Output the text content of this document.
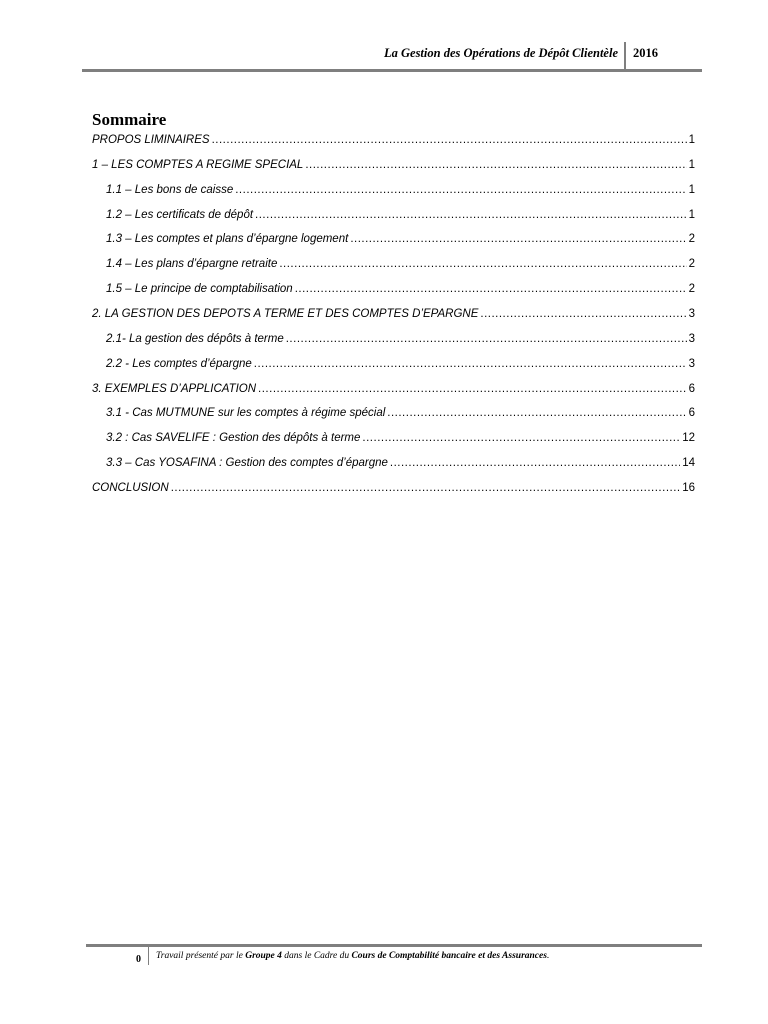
La Gestion des Opérations de Dépôt Clientèle 2016
Sommaire
PROPOS LIMINAIRES .....	1
1 – LES COMPTES A REGIME SPECIAL .....	1
1.1 – Les bons de caisse .....	1
1.2 – Les certificats de dépôt .....	1
1.3 – Les comptes et plans d’épargne logement .....	2
1.4 – Les plans d’épargne retraite .....	2
1.5 – Le principe de comptabilisation .....	2
2. LA GESTION DES DEPOTS A TERME ET DES COMPTES D’EPARGNE .....	3
2.1- La gestion des dépôts à terme .....	3
2.2 - Les comptes d’épargne .....	3
3. EXEMPLES D’APPLICATION .....	6
3.1 - Cas MUTMUNE sur les comptes à régime spécial .....	6
3.2 : Cas SAVELIFE : Gestion des dépôts à terme .....	12
3.3 – Cas YOSAFINA : Gestion des comptes d’épargne .....	14
CONCLUSION .....	16
0 Travail présenté par le Groupe 4 dans le Cadre du Cours de Comptabilité bancaire et des Assurances.
